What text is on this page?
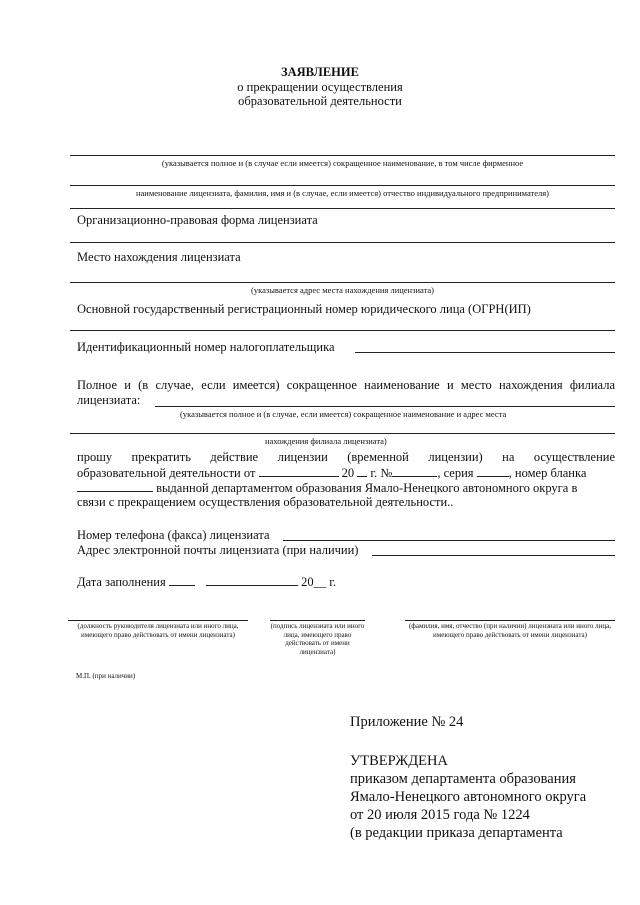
ЗАЯВЛЕНИЕ
о прекращении осуществления
образовательной деятельности
(указывается полное и (в случае если имеется) сокращенное наименование, в том числе фирменное
наименование лицензиата, фамилия, имя и (в случае, если имеется) отчество индивидуального предпринимателя)
Организационно-правовая форма лицензиата
Место нахождения лицензиата
(указывается адрес места нахождения лицензиата)
Основной государственный регистрационный номер юридического лица (ОГРН(ИП)
Идентификационный номер налогоплательщика
Полное и (в случае, если имеется) сокращенное наименование и место нахождения филиала
лицензиата:
(указывается полное и (в случае, если имеется) сокращенное наименование и адрес места
нахождения филиала лицензиата)
прошу прекратить действие лицензии (временной лицензии) на осуществление
образовательной деятельности от	20 г. №	, серия	, номер бланка
выданной департаментом образования Ямало-Ненецкого автономного округа в
связи с прекращением осуществления образовательной деятельности..
Номер телефона (факса) лицензиата
Адрес электронной почты лицензиата (при наличии)
Дата заполнения	20__ г.
(должность руководителя лицензиата или иного лица, имеющего право действовать от имени лицензиата)
(подпись лицензиата или иного лица, имеющего право действовать от имени лицензиата)
(фамилия, имя, отчество (при наличии) лицензиата или иного лица, имеющего право действовать от имени лицензиата)
М.П. (при наличии)
Приложение № 24
УТВЕРЖДЕНА
приказом департамента образования
Ямало-Ненецкого автономного округа
от 20 июля 2015 года № 1224
(в редакции приказа департамента
